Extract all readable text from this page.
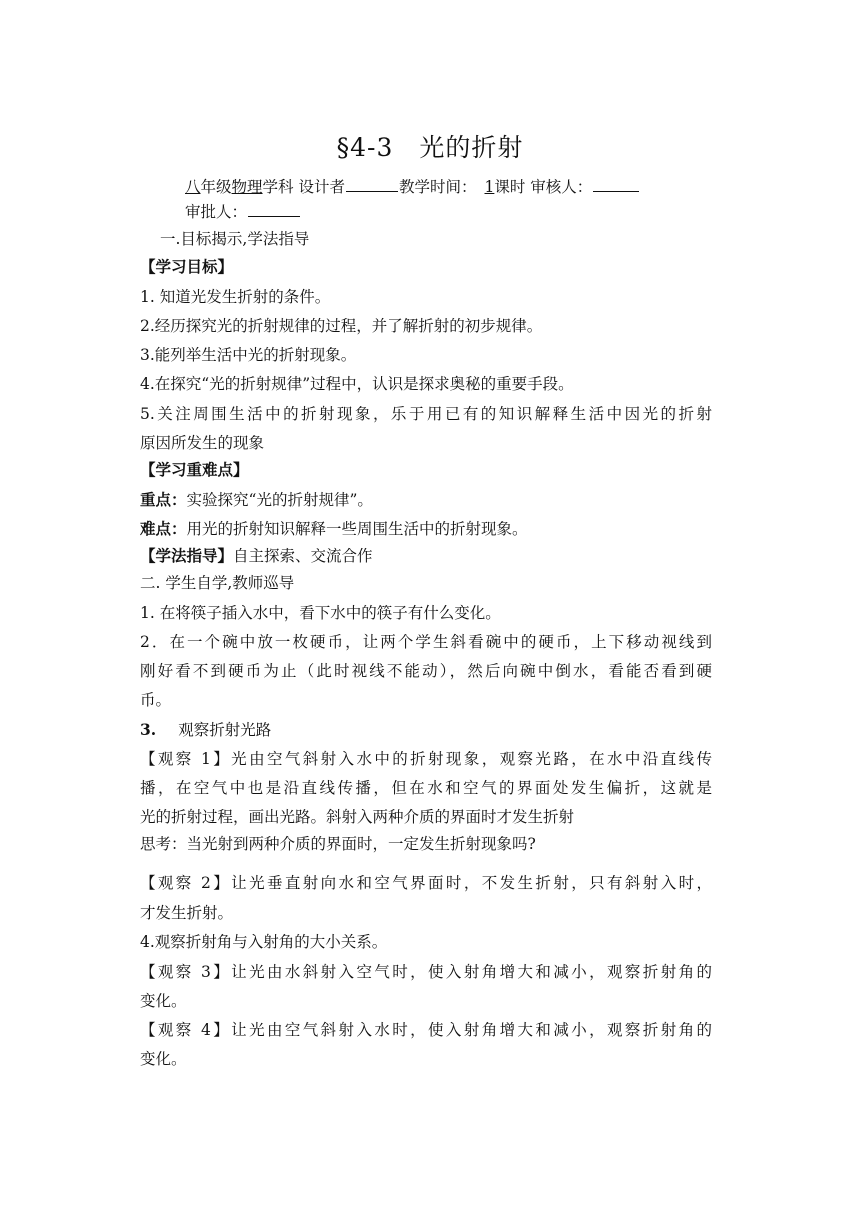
§4-3　光的折射
八年级物理学科 设计者	教学时间： 1课时 审核人：
审批人：
一.目标揭示,学法指导
【学习目标】
1. 知道光发生折射的条件。
2.经历探究光的折射规律的过程，并了解折射的初步规律。
3.能列举生活中光的折射现象。
4.在探究“光的折射规律”过程中，认识是探求奥秘的重要手段。
5.关注周围生活中的折射现象，乐于用已有的知识解释生活中因光的折射
原因所发生的现象
【学习重难点】
重点：实验探究“光的折射规律”。
难点：用光的折射知识解释一些周围生活中的折射现象。
【学法指导】自主探索、交流合作
二. 学生自学,教师巡导
1. 在将筷子插入水中，看下水中的筷子有什么变化。
2．在一个碗中放一枚硬币，让两个学生斜看碗中的硬币，上下移动视线到
刚好看不到硬币为止（此时视线不能动），然后向碗中倒水，看能否看到硬
币。
3. 观察折射光路
【观察 1】光由空气斜射入水中的折射现象，观察光路，在水中沿直线传
播，在空气中也是沿直线传播，但在水和空气的界面处发生偏折，这就是
光的折射过程，画出光路。斜射入两种介质的界面时才发生折射
思考：当光射到两种介质的界面时，一定发生折射现象吗?
【观察 2】让光垂直射向水和空气界面时，不发生折射，只有斜射入时，
才发生折射。
4.观察折射角与入射角的大小关系。
【观察 3】让光由水斜射入空气时，使入射角增大和减小，观察折射角的
变化。
【观察 4】让光由空气斜射入水时，使入射角增大和减小，观察折射角的
变化。
